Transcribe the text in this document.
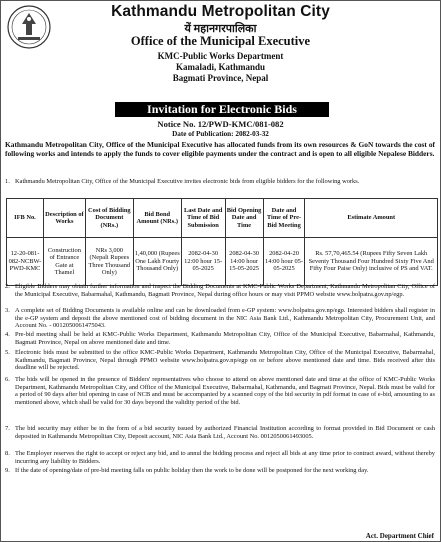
Kathmandu Metropolitan City
यें महानगरपालिका
Office of the Municipal Executive
KMC-Public Works Department
Kamaladi, Kathmandu
Bagmati Province, Nepal
Invitation for Electronic Bids
Notice No. 12/PWD-KMC/081-082
Date of Publication: 2082-03-32
Kathmandu Metropolitan City, Office of the Municipal Executive has allocated funds from its own resources & GoN towards the cost of following works and intends to apply the funds to cover eligible payments under the contract and is open to all eligible Nepalese Bidders.
1. Kathmandu Metropolitan City, Office of the Municipal Executive invites electronic bids from eligible bidders for the following works.
IFB No.	Description of Works	Cost of Bidding Document (NRs.)	Bid Bond Amount (NRs.)	Last Date and Time of Bid Submission	Bid Opening Date and Time	Date and Time of Pre-Bid Meeting	Estimate Amount
12-20-081-082-NCBW-PWD-KMC	Construction of Entrance Gate at Thamel	NRs 3,000 (Nepali Rupees Three Thousand Only)	1,40,000 (Rupees One Lakh Fourty Thousand Only)	2082-04-30 12:00 hour 15-05-2025	2082-04-30 14:00 hour 15-05-2025	2082-04-20 14:00 hour 05-05-2025	Rs. 57,70,465.54 (Rupees Fifty Seven Lakh Seventy Thousand Four Hundred Sixty Five And Fifty Four Paise Only) inclusive of PS and VAT.
2. Eligible Bidders may obtain further information and inspect the Bidding Documents at KMC-Public Works Department, Kathmandu Metropolitan City, Office of the Municipal Executive, Babarmahal, Kathmandu, Bagmati Province, Nepal during office hours or may visit PPMO website www.bolpatra.gov.np/egp.
3. A complete set of Bidding Documents is available online and can be downloaded from e-GP system: www.bolpatra.gov.np/egp. Interested bidders shall register in the e-GP system and deposit the above mentioned cost of bidding document in the NIC Asia Bank Ltd., Kathmandu Metropolitan City, Procurement Unit, and Account No. - 0012050061475043.
4. Pre-bid meeting shall be held at KMC-Public Works Department, Kathmandu Metropolitan City, Office of the Municipal Executive, Babarmahal, Kathmandu, Bagmati Province, Nepal on above mentioned date and time.
5. Electronic bids must be submitted to the office KMC-Public Works Department, Kathmandu Metropolitan City, Office of the Municipal Executive, Babarmahal, Kathmandu, Bagmati Province, Nepal through PPMO website www.bolpatra.gov.np/egp on or before above mentioned date and time. Bids received after this deadline will be rejected.
6. The bids will be opened in the presence of Bidders' representatives who choose to attend on above mentioned date and time at the office of KMC-Public Works Department, Kathmandu Metropolitan City, and Office of the Municipal Executive, Babarmahal, Kathmandu, and Bagmati Province, Nepal. Bids must be valid for a period of 90 days after bid opening in case of NCB and must be accompanied by a scanned copy of the bid security in pdf format in case of e-bid, amounting to as mentioned above, which shall be valid for 30 days beyond the validity period of the bid.
7. The bid security may either be in the form of a bid security issued by authorized Financial Institution according to format provided in Bid Document or cash deposited in Kathmandu Metropolitan City, Deposit account, NIC Asia Bank Ltd., Account No. 0012050061493005.
8. The Employer reserves the right to accept or reject any bid, and to annul the bidding process and reject all bids at any time prior to contract award, without thereby incurring any liability to Bidders.
9. If the date of opening/date of pre-bid meeting falls on public holiday then the work to be done will be postponed for the next working day.
Act. Department Chief
